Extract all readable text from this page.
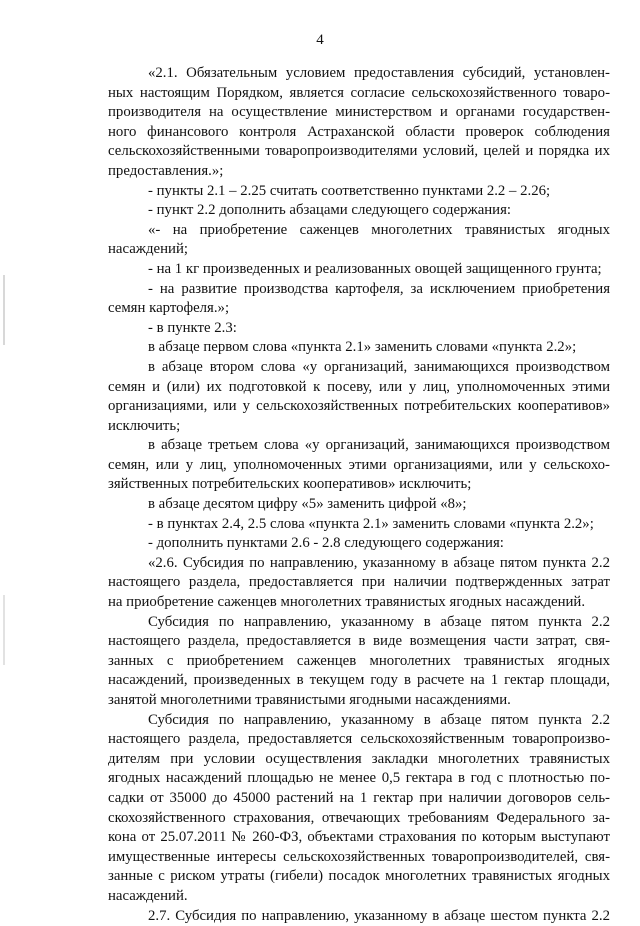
4
«2.1. Обязательным условием предоставления субсидий, установлен-
ных настоящим Порядком, является согласие сельскохозяйственного товаро-
производителя на осуществление министерством и органами государствен-
ного финансового контроля Астраханской области проверок соблюдения
сельскохозяйственными товаропроизводителями условий, целей и порядка их
предоставления.»;
- пункты 2.1 – 2.25 считать соответственно пунктами 2.2 – 2.26;
- пункт 2.2 дополнить абзацами следующего содержания:
«- на приобретение саженцев многолетних травянистых ягодных
насаждений;
- на 1 кг произведенных и реализованных овощей защищенного грунта;
- на развитие производства картофеля, за исключением приобретения
семян картофеля.»;
- в пункте 2.3:
в абзаце первом слова «пункта 2.1» заменить словами «пункта 2.2»;
в абзаце втором слова «у организаций, занимающихся производством
семян и (или) их подготовкой к посеву, или у лиц, уполномоченных этими
организациями, или у сельскохозяйственных потребительских кооперативов»
исключить;
в абзаце третьем слова «у организаций, занимающихся производством
семян, или у лиц, уполномоченных этими организациями, или у сельскохо-
зяйственных потребительских кооперативов» исключить;
в абзаце десятом цифру «5» заменить цифрой «8»;
- в пунктах 2.4, 2.5 слова «пункта 2.1» заменить словами «пункта 2.2»;
- дополнить пунктами 2.6 - 2.8 следующего содержания:
«2.6. Субсидия по направлению, указанному в абзаце пятом пункта 2.2
настоящего раздела, предоставляется при наличии подтвержденных затрат
на приобретение саженцев многолетних травянистых ягодных насаждений.
Субсидия по направлению, указанному в абзаце пятом пункта 2.2
настоящего раздела, предоставляется в виде возмещения части затрат, свя-
занных с приобретением саженцев многолетних травянистых ягодных
насаждений, произведенных в текущем году в расчете на 1 гектар площади,
занятой многолетними травянистыми ягодными насаждениями.
Субсидия по направлению, указанному в абзаце пятом пункта 2.2
настоящего раздела, предоставляется сельскохозяйственным товаропроизво-
дителям при условии осуществления закладки многолетних травянистых
ягодных насаждений площадью не менее 0,5 гектара в год с плотностью по-
садки от 35000 до 45000 растений на 1 гектар при наличии договоров сель-
скохозяйственного страхования, отвечающих требованиям Федерального за-
кона от 25.07.2011 № 260-ФЗ, объектами страхования по которым выступают
имущественные интересы сельскохозяйственных товаропроизводителей, свя-
занные с риском утраты (гибели) посадок многолетних травянистых ягодных
насаждений.
2.7. Субсидия по направлению, указанному в абзаце шестом пункта 2.2
